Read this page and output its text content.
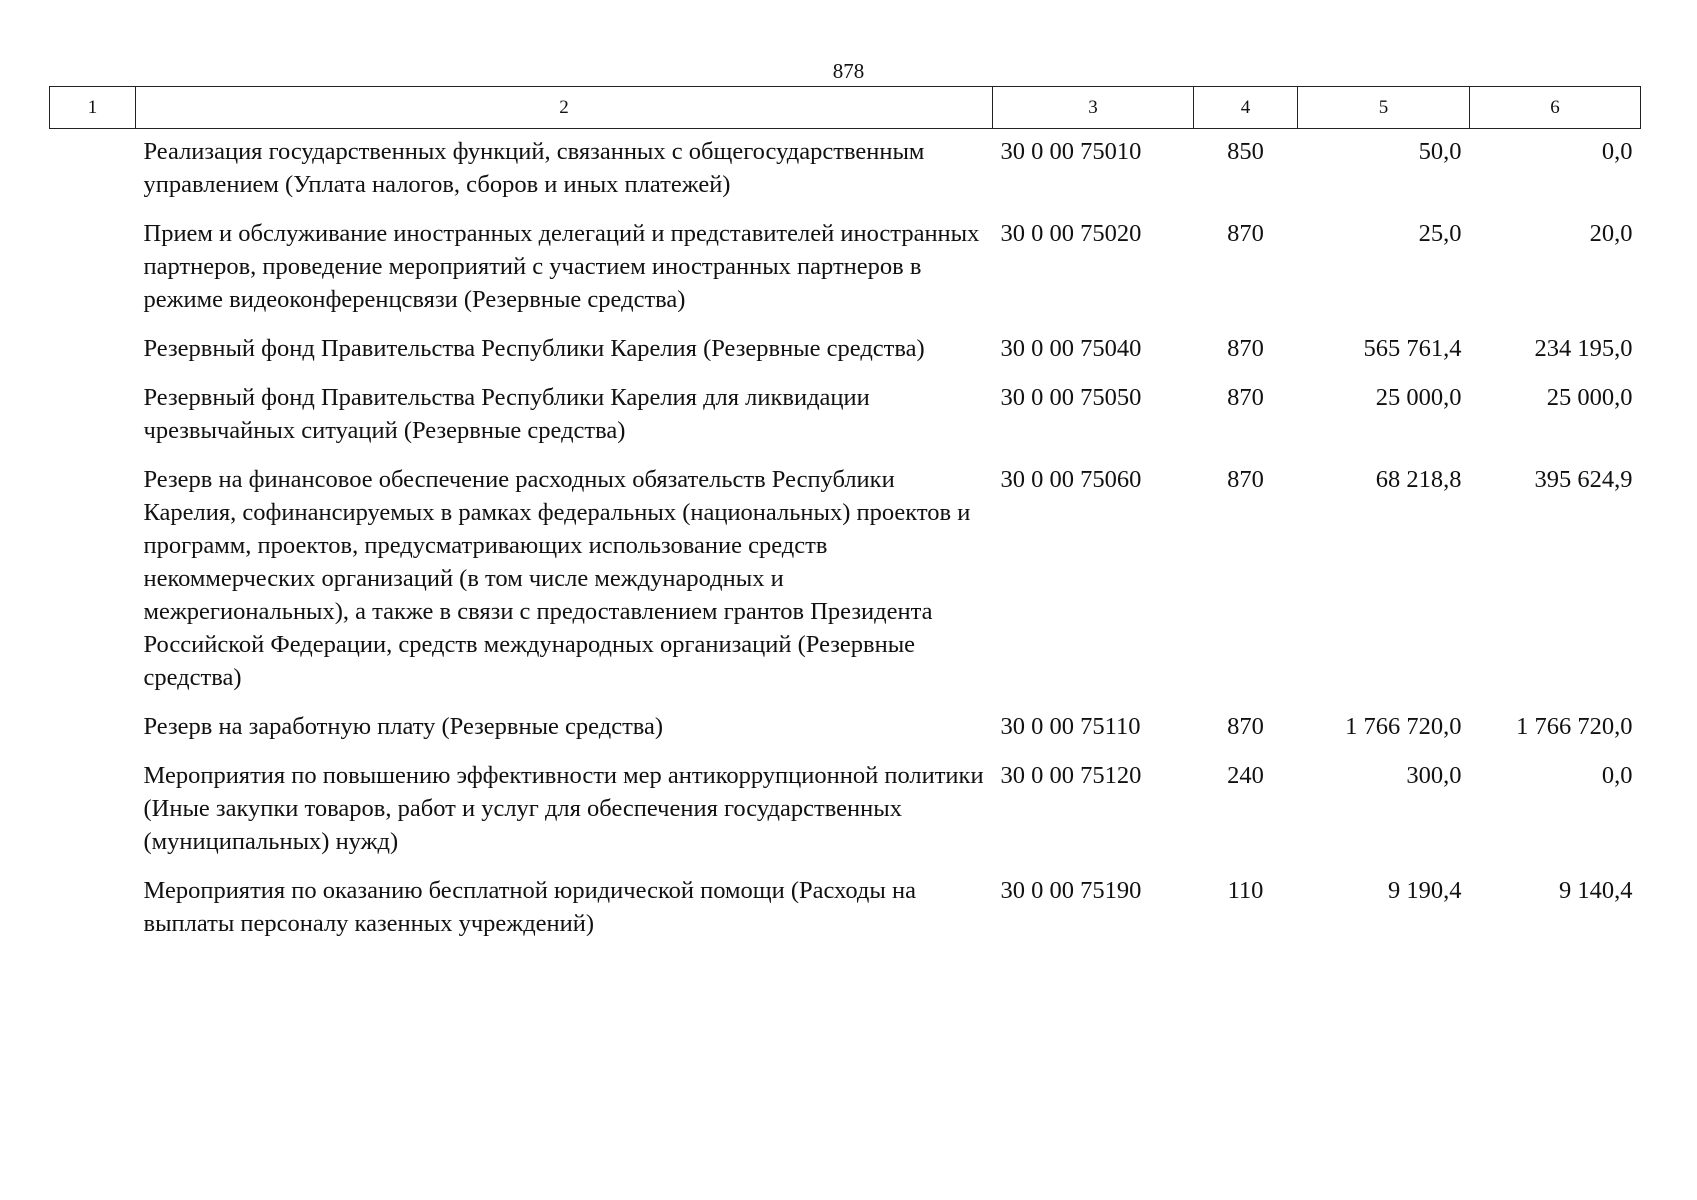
878
1	2	3	4	5	6
	Реализация государственных функций, связанных с общегосударственным управлением (Уплата налогов, сборов и иных платежей)	30 0 00 75010	850	50,0	0,0
	Прием и обслуживание иностранных делегаций и представителей иностранных партнеров, проведение мероприятий с участием иностранных партнеров в режиме видеоконференцсвязи (Резервные средства)	30 0 00 75020	870	25,0	20,0
	Резервный фонд Правительства Республики Карелия (Резервные средства)	30 0 00 75040	870	565 761,4	234 195,0
	Резервный фонд Правительства Республики Карелия для ликвидации чрезвычайных ситуаций (Резервные средства)	30 0 00 75050	870	25 000,0	25 000,0
	Резерв на финансовое обеспечение расходных обязательств Республики Карелия, софинансируемых в рамках федеральных (национальных) проектов и программ, проектов, предусматривающих использование средств некоммерческих организаций (в том числе международных и межрегиональных), а также в связи с предоставлением грантов Президента Российской Федерации, средств международных организаций (Резервные средства)	30 0 00 75060	870	68 218,8	395 624,9
	Резерв на заработную плату (Резервные средства)	30 0 00 75110	870	1 766 720,0	1 766 720,0
	Мероприятия по повышению эффективности мер антикоррупционной политики (Иные закупки товаров, работ и услуг для обеспечения государственных (муниципальных) нужд)	30 0 00 75120	240	300,0	0,0
	Мероприятия по оказанию бесплатной юридической помощи (Расходы на выплаты персоналу казенных учреждений)	30 0 00 75190	110	9 190,4	9 140,4
